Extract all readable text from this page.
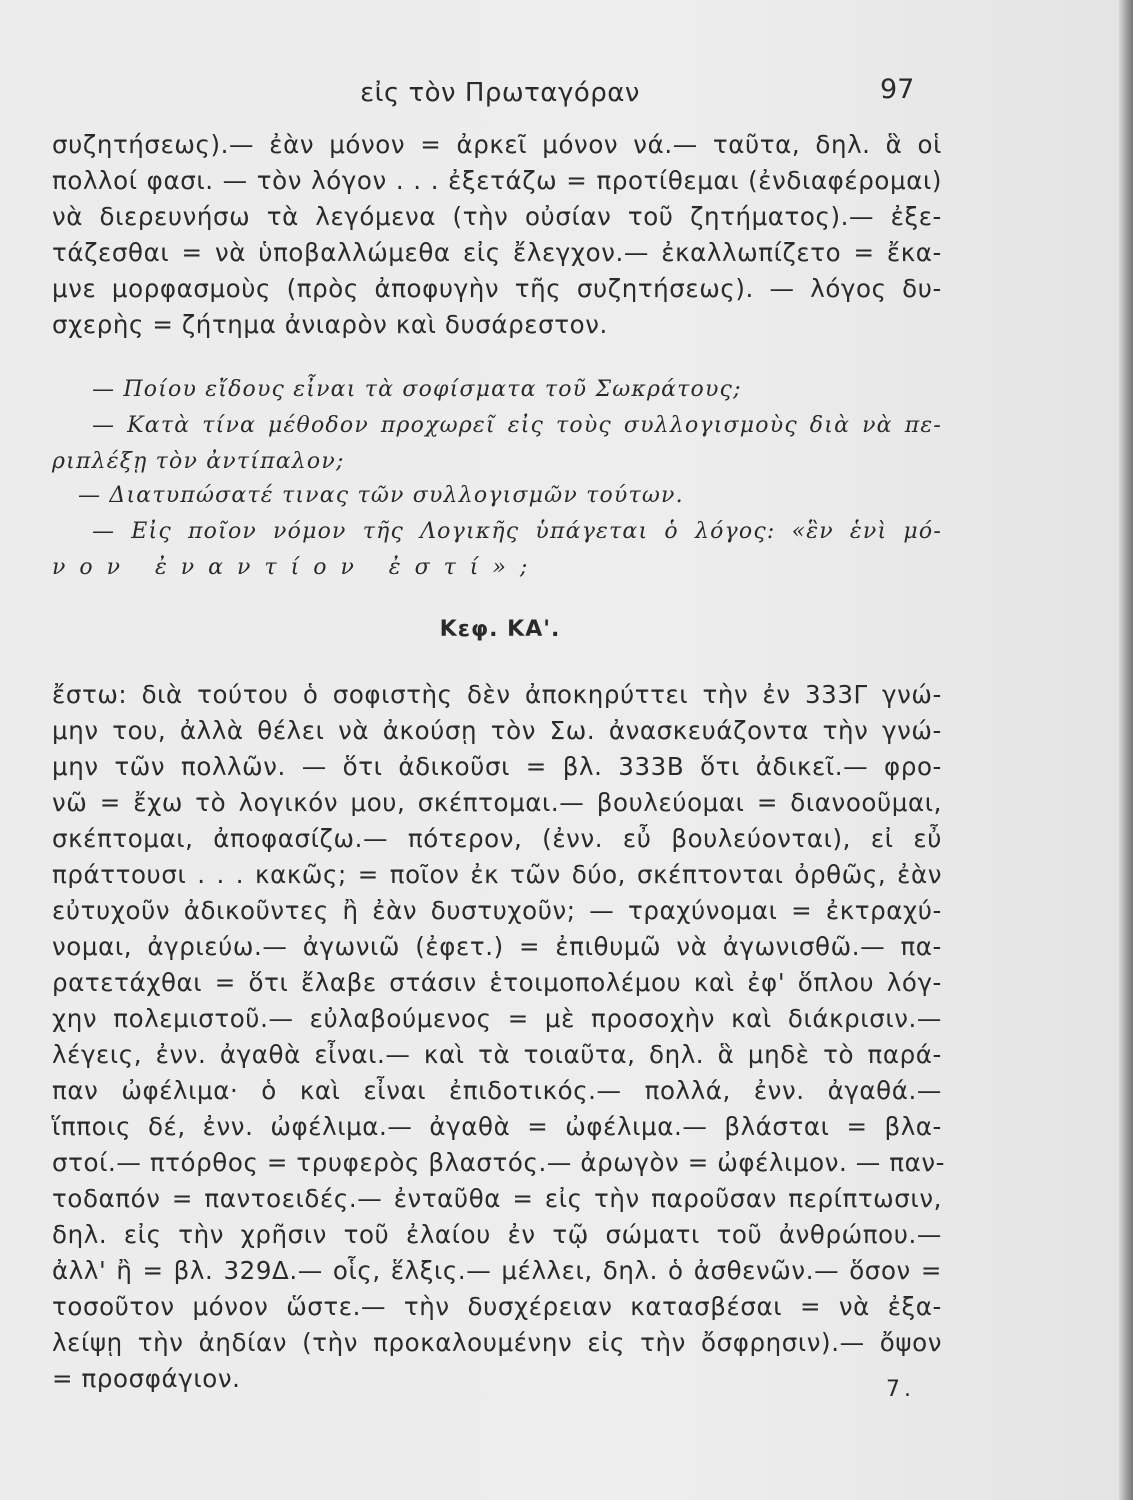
εἰς τὸν Πρωταγόραν	97
συζητήσεως).— ἐὰν μόνον = ἀρκεῖ μόνον νά.— ταῦτα, δηλ. ἃ οἱ
πολλοί φασι. — τὸν λόγον . . . ἐξετάζω = προτίθεμαι (ἐνδιαφέρομαι)
νὰ διερευνήσω τὰ λεγόμενα (τὴν οὐσίαν τοῦ ζητήματος).— ἐξε-
τάζεσθαι = νὰ ὑποβαλλώμεθα εἰς ἔλεγχον.— ἐκαλλωπίζετο = ἔκα-
μνε μορφασμοὺς (πρὸς ἀποφυγὴν τῆς συζητήσεως). — λόγος δυ-
σχερὴς = ζήτημα ἀνιαρὸν καὶ δυσάρεστον.
— Ποίου εἴδους εἶναι τὰ σοφίσματα τοῦ Σωκράτους;
— Κατὰ τίνα μέθοδον προχωρεῖ εἰς τοὺς συλλογισμοὺς διὰ νὰ πε-
ριπλέξῃ τὸν ἀντίπαλον;
— Διατυπώσατέ τινας τῶν συλλογισμῶν τούτων.
— Εἰς ποῖον νόμον τῆς Λογικῆς ὑπάγεται ὁ λόγος: «ἓν ἑνὶ μό-
νον ἐναντίον ἐστί»;
Κεφ. ΚΑ'.
ἔστω: διὰ τούτου ὁ σοφιστὴς δὲν ἀποκηρύττει τὴν ἐν 333Γ γνώ-
μην του, ἀλλὰ θέλει νὰ ἀκούσῃ τὸν Σω. ἀνασκευάζοντα τὴν γνώ-
μην τῶν πολλῶν. — ὅτι ἀδικοῦσι = βλ. 333Β ὅτι ἀδικεῖ.— φρο-
νῶ = ἔχω τὸ λογικόν μου, σκέπτομαι.— βουλεύομαι = διανοοῦμαι,
σκέπτομαι, ἀποφασίζω.— πότερον, (ἐνν. εὖ βουλεύονται), εἰ εὖ
πράττουσι . . . κακῶς; = ποῖον ἐκ τῶν δύο, σκέπτονται ὀρθῶς, ἐὰν
εὐτυχοῦν ἀδικοῦντες ἢ ἐὰν δυστυχοῦν; — τραχύνομαι = ἐκτραχύ-
νομαι, ἀγριεύω.— ἀγωνιῶ (ἐφετ.) = ἐπιθυμῶ νὰ ἀγωνισθῶ.— πα-
ρατετάχθαι = ὅτι ἔλαβε στάσιν ἑτοιμοπολέμου καὶ ἐφ' ὅπλου λόγ-
χην πολεμιστοῦ.— εὐλαβούμενος = μὲ προσοχὴν καὶ διάκρισιν.—
λέγεις, ἐνν. ἀγαθὰ εἶναι.— καὶ τὰ τοιαῦτα, δηλ. ἃ μηδὲ τὸ παρά-
παν ὠφέλιμα· ὁ καὶ εἶναι ἐπιδοτικός.— πολλά, ἐνν. ἀγαθά.—
ἵπποις δέ, ἐνν. ὠφέλιμα.— ἀγαθὰ = ὠφέλιμα.— βλάσται = βλα-
στοί.— πτόρθος = τρυφερὸς βλαστός.— ἀρωγὸν = ὠφέλιμον. — παν-
τοδαπόν = παντοειδές.— ἐνταῦθα = εἰς τὴν παροῦσαν περίπτωσιν,
δηλ. εἰς τὴν χρῆσιν τοῦ ἐλαίου ἐν τῷ σώματι τοῦ ἀνθρώπου.—
ἀλλ' ἢ = βλ. 329Δ.— οἷς, ἕλξις.— μέλλει, δηλ. ὁ ἀσθενῶν.— ὅσον =
τοσοῦτον μόνον ὥστε.— τὴν δυσχέρειαν κατασβέσαι = νὰ ἐξα-
λείψῃ τὴν ἀηδίαν (τὴν προκαλουμένην εἰς τὴν ὄσφρησιν).— ὄψον
= προσφάγιον.	7.
